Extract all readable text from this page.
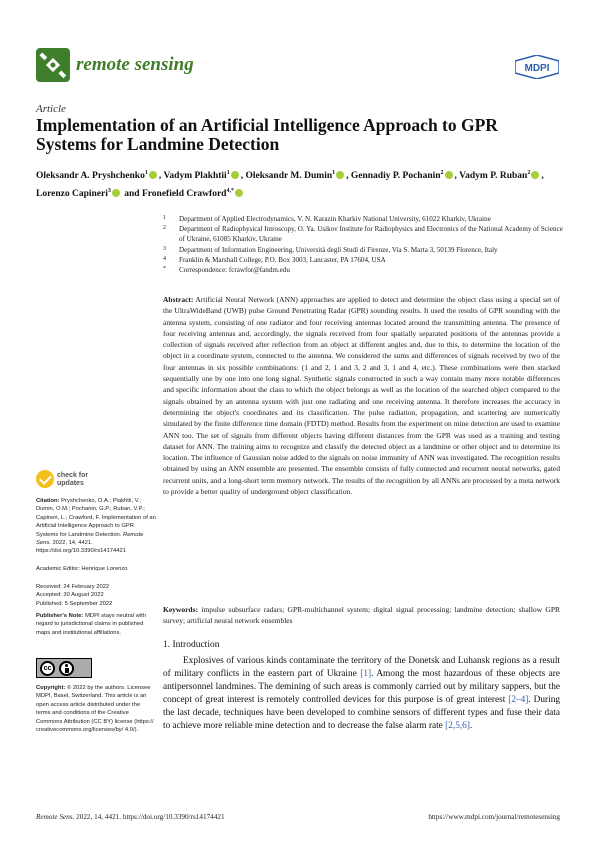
remote sensing	MDPI
Article
Implementation of an Artificial Intelligence Approach to GPR Systems for Landmine Detection
Oleksandr A. Pryshchenko$^1$ , Vadym Plakhtii$^1$ , Oleksandr M. Dumin$^1$ , Gennadiy P. Pochanin$^2$ , Vadym P. Ruban$^2$ , Lorenzo Capineri$^3$ and Fronefield Crawford$^{4,*}$
1 Department of Applied Electrodynamics, V. N. Karazin Kharkiv National University, 61022 Kharkiv, Ukraine
2 Department of Radiophysical Introscopy, O. Ya. Usikov Institute for Radiophysics and Electronics of the National Academy of Science of Ukraine, 61085 Kharkiv, Ukraine
3 Department of Information Engineering, Università degli Studi di Firenze, Via S. Marta 3, 50139 Florence, Italy
4 Franklin & Marshall College, P.O. Box 3003, Lancaster, PA 17604, USA
* Correspondence: fcrawfor@fandm.edu
Abstract: Artificial Neural Network (ANN) approaches are applied to detect and determine the object class using a special set of the UltraWideBand (UWB) pulse Ground Penetrating Radar (GPR) sounding results. It used the results of GPR sounding with the antenna system, consisting of one radiator and four receiving antennas located around the transmitting antenna. The presence of four receiving antennas and, accordingly, the signals received from four spatially separated positions of the antennas provide a collection of signals received after reflection from an object at different angles and, due to this, to determine the location of the object in a coordinate system, connected to the antenna. We considered the sums and differences of signals received by two of the four antennas in six possible combinations: (1 and 2, 1 and 3, 2 and 3, 1 and 4, etc.). These combinations were then stacked sequentially one by one into one long signal. Synthetic signals constructed in such a way contain many more notable differences and specific information about the class to which the object belongs as well as the location of the searched object compared to the signals obtained by an antenna system with just one radiating and one receiving antenna. It therefore increases the accuracy in determining the object's coordinates and its classification. The pulse radiation, propagation, and scattering are numerically simulated by the finite difference time domain (FDTD) method. Results from the experiment on mine detection are used to examine ANN too. The set of signals from different objects having different distances from the GPR was used as a training and testing dataset for ANN. The training aims to recognize and classify the detected object as a landmine or other object and to determine its location. The influence of Gaussian noise added to the signals on noise immunity of ANN was investigated. The recognition results obtained by using an ANN ensemble are presented. The ensemble consists of fully connected and recurrent neural networks, gated recurrent units, and a long-short term memory network. The results of the recognition by all ANNs are processed by a meta network to provide a better quality of underground object classification.
Keywords: impulse subsurface radars; GPR-multichannel system; digital signal processing; landmine detection; shallow GPR survey; artificial neural network ensembles
check for
updates
Citation: Pryshchenko, O.A.; Plakhtii, V.; Dumin, O.M.; Pochanin, G.P.; Ruban, V.P.; Capineri, L.; Crawford, F. Implementation of an Artificial Intelligence Approach to GPR Systems for Landmine Detection. Remote Sens. 2022, 14, 4421. https://doi.org/10.3390/rs14174421
Academic Editor: Henrique Lorenzo
Received: 24 February 2022
Accepted: 30 August 2022
Published: 5 September 2022
Publisher's Note: MDPI stays neutral with regard to jurisdictional claims in published maps and institutional affiliations.
cc
Copyright: © 2022 by the authors. Licensee MDPI, Basel, Switzerland. This article is an open access article distributed under the terms and conditions of the Creative Commons Attribution (CC BY) license (https:// creativecommons.org/licenses/by/ 4.0/).
1. Introduction

Explosives of various kinds contaminate the territory of the Donetsk and Luhansk regions as a result of military conflicts in the eastern part of Ukraine [1]. Among the most hazardous of these objects are antipersonnel landmines. The demining of such areas is commonly carried out by military sappers, but the concept of great interest is remotely controlled devices for this purpose is of great interest [2–4]. During the last decade, techniques have been developed to combine sensors of different types and fuse their data to achieve more reliable mine detection and to decrease the false alarm rate [2,5,6].

Remote Sens. 2022, 14, 4421. https://doi.org/10.3390/rs14174421	https://www.mdpi.com/journal/remotesensing
